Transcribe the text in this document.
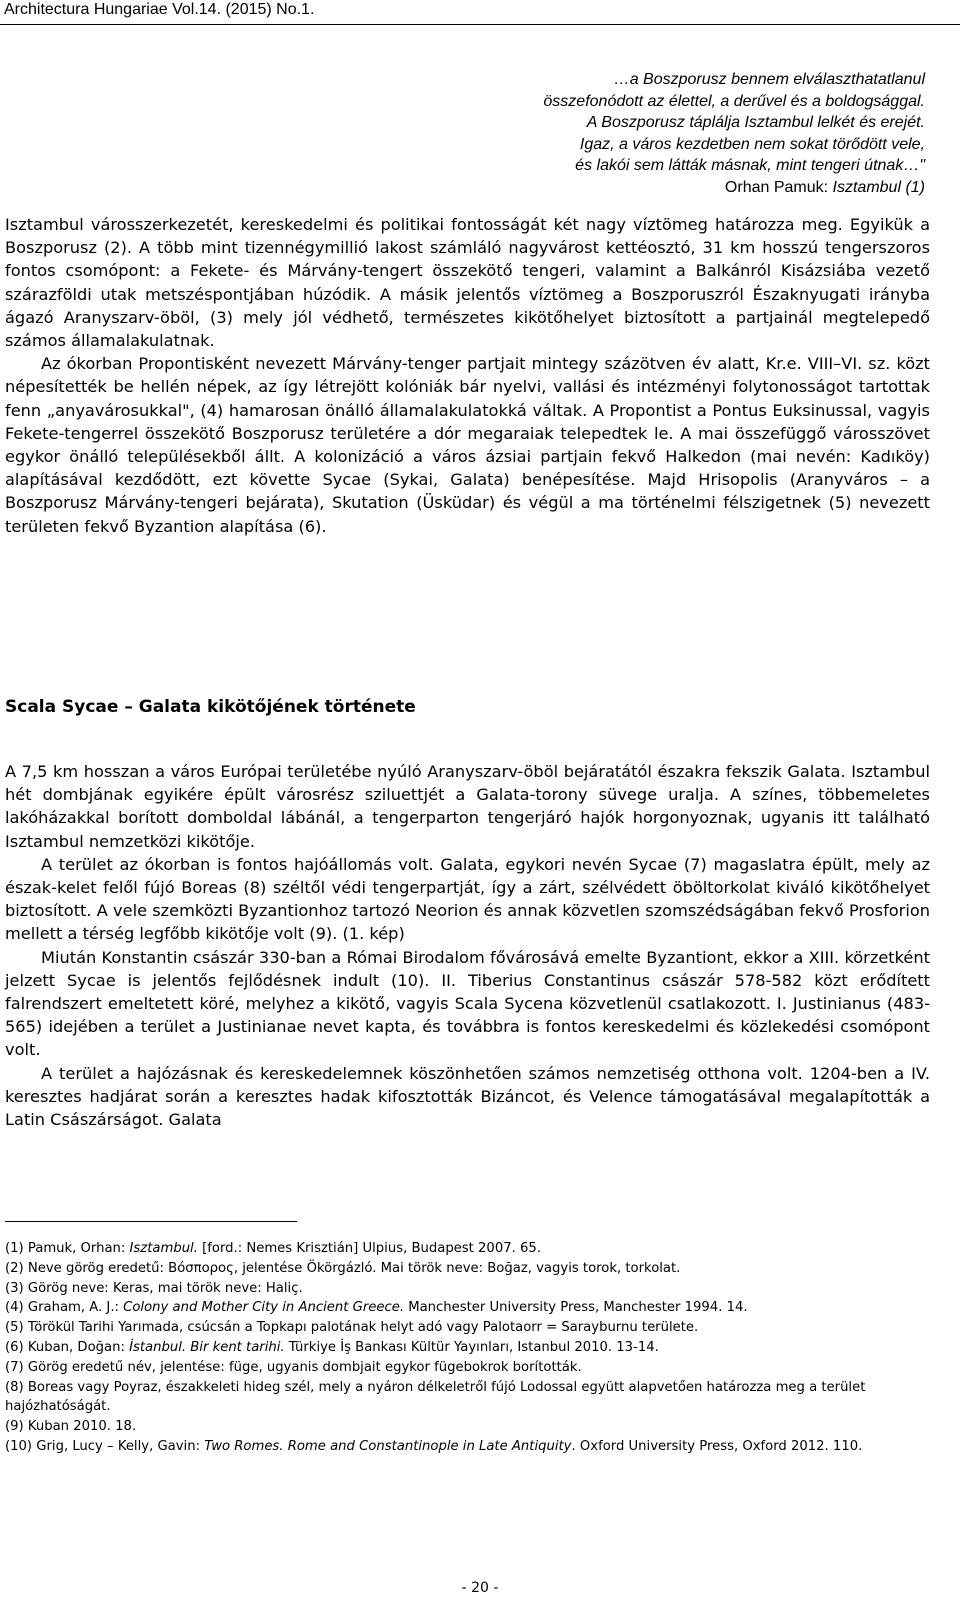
Architectura Hungariae Vol.14. (2015) No.1.
…a Boszporusz bennem elválaszthatatlanul
összefonódott az élettel, a derűvel és a boldogsággal.
A Boszporusz táplálja Isztambul lelkét és erejét.
Igaz, a város kezdetben nem sokat törődött vele,
és lakói sem látták másnak, mint tengeri útnak…"
Orhan Pamuk: Isztambul (1)

Isztambul városszerkezetét, kereskedelmi és politikai fontosságát két nagy víztömeg határozza meg. Egyikük a Boszporusz (2). A több mint tizennégymillió lakost számláló nagyvárost kettéosztó, 31 km hosszú tengerszoros fontos csomópont: a Fekete- és Márvány-tengert összekötő tengeri, valamint a Balkánról Kisázsiába vezető szárazföldi utak metszéspontjában húzódik. A másik jelentős víztömeg a Boszporuszról Északnyugati irányba ágazó Aranyszarv-öböl, (3) mely jól védhető, természetes kikötőhelyet biztosított a partjainál megtelepedő számos államalakulatnak.

Az ókorban Propontisként nevezett Márvány-tenger partjait mintegy százötven év alatt, Kr.e. VIII–VI. sz. közt népesítették be hellén népek, az így létrejött kolóniák bár nyelvi, vallási és intézményi folytonosságot tartottak fenn „anyavárosukkal", (4) hamarosan önálló államalakulatokká váltak. A Propontist a Pontus Euksinussal, vagyis Fekete-tengerrel összekötő Boszporusz területére a dór megaraiak telepedtek le. A mai összefüggő városszövet egykor önálló településekből állt. A kolonizáció a város ázsiai partjain fekvő Halkedon (mai nevén: Kadıköy) alapításával kezdődött, ezt követte Sycae (Sykai, Galata) benépesítése. Majd Hrisopolis (Aranyváros – a Boszporusz Márvány-tengeri bejárata), Skutation (Üsküdar) és végül a ma történelmi félszigetnek (5) nevezett területen fekvő Byzantion alapítása (6).

Scala Sycae – Galata kikötőjének története

A 7,5 km hosszan a város Európai területébe nyúló Aranyszarv-öböl bejáratától északra fekszik Galata. Isztambul hét dombjának egyikére épült városrész sziluettjét a Galata-torony süvege uralja. A színes, többemeletes lakóházakkal borított domboldal lábánál, a tengerparton tengerjáró hajók horgonyoznak, ugyanis itt található Isztambul nemzetközi kikötője.

A terület az ókorban is fontos hajóállomás volt. Galata, egykori nevén Sycae (7) magaslatra épült, mely az észak-kelet felől fújó Boreas (8) széltől védi tengerpartját, így a zárt, szélvédett öböltorkolat kiváló kikötőhelyet biztosított. A vele szemközti Byzantionhoz tartozó Neorion és annak közvetlen szomszédságában fekvő Prosforion mellett a térség legfőbb kikötője volt (9). (1. kép)

Miután Konstantin császár 330-ban a Római Birodalom fővárosává emelte Byzantiont, ekkor a XIII. körzetként jelzett Sycae is jelentős fejlődésnek indult (10). II. Tiberius Constantinus császár 578-582 közt erődített falrendszert emeltetett köré, melyhez a kikötő, vagyis Scala Sycena közvetlenül csatlakozott. I. Justinianus (483-565) idejében a terület a Justinianae nevet kapta, és továbbra is fontos kereskedelmi és közlekedési csomópont volt.

A terület a hajózásnak és kereskedelemnek köszönhetően számos nemzetiség otthona volt. 1204-ben a IV. keresztes hadjárat során a keresztes hadak kifosztották Bizáncot, és Velence támogatásával megalapították a Latin Császárságot. Galata

(1) Pamuk, Orhan: Isztambul. [ford.: Nemes Krisztián] Ulpius, Budapest 2007. 65.

(2) Neve görög eredetű: Βόσπορος, jelentése Ökörgázló. Mai török neve: Boğaz, vagyis torok, torkolat.

(3) Görög neve: Keras, mai török neve: Haliç.

(4) Graham, A. J.: Colony and Mother City in Ancient Greece. Manchester University Press, Manchester 1994. 14.

(5) Törökül Tarihi Yarımada, csúcsán a Topkapı palotának helyt adó vagy Palotaorr = Sarayburnu területe.

(6) Kuban, Doğan: İstanbul. Bir kent tarihi. Türkiye İş Bankası Kültür Yayınları, Istanbul 2010. 13-14.

(7) Görög eredetű név, jelentése: füge, ugyanis dombjait egykor fügebokrok borították.

(8) Boreas vagy Poyraz, északkeleti hideg szél, mely a nyáron délkeletről fújó Lodossal együtt alapvetően határozza meg a terület hajózhatóságát.

(9) Kuban 2010. 18.

(10) Grig, Lucy – Kelly, Gavin: Two Romes. Rome and Constantinople in Late Antiquity. Oxford University Press, Oxford 2012. 110.

- 20 -
